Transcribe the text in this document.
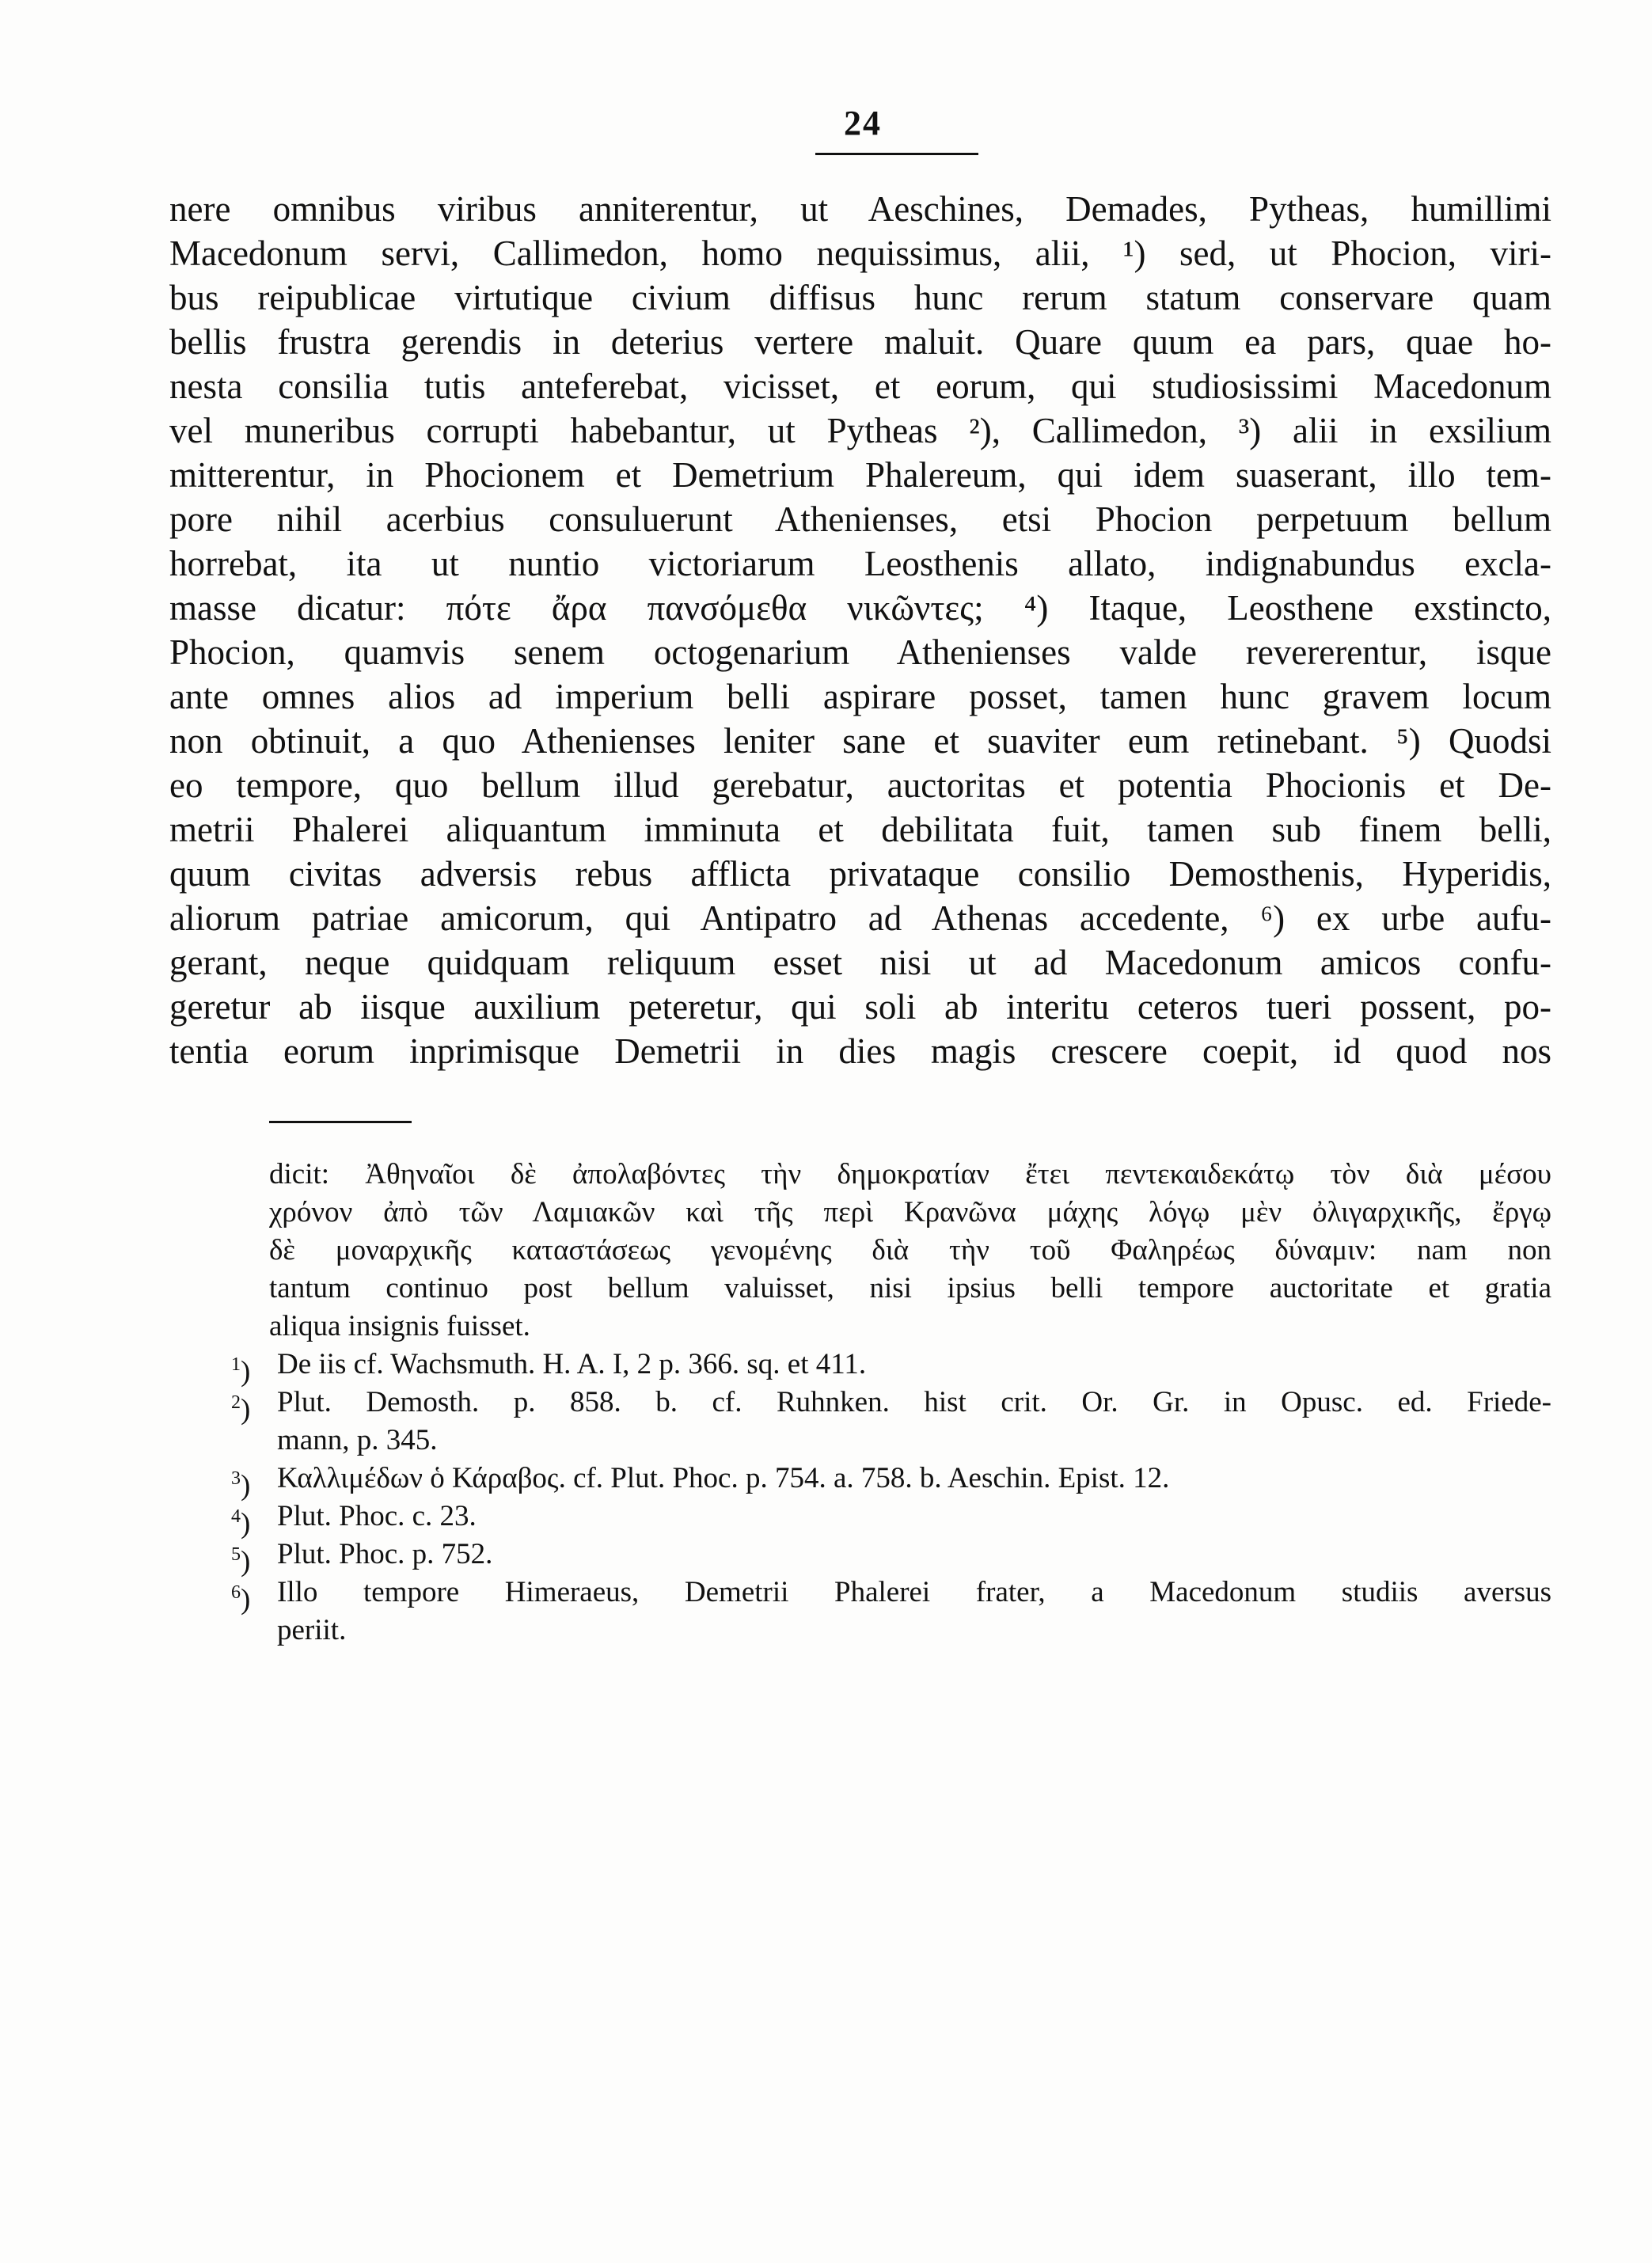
24
nere omnibus viribus anniterentur, ut Aeschines, Demades, Pytheas, humillimi
Macedonum servi, Callimedon, homo nequissimus, alii, ¹) sed, ut Phocion, viri-
bus reipublicae virtutique civium diffisus hunc rerum statum conservare quam
bellis frustra gerendis in deterius vertere maluit. Quare quum ea pars, quae ho-
nesta consilia tutis anteferebat, vicisset, et eorum, qui studiosissimi Macedonum
vel muneribus corrupti habebantur, ut Pytheas ²), Callimedon, ³) alii in exsilium
mitterentur, in Phocionem et Demetrium Phalereum, qui idem suaserant, illo tem-
pore nihil acerbius consuluerunt Athenienses, etsi Phocion perpetuum bellum
horrebat, ita ut nuntio victoriarum Leosthenis allato, indignabundus excla-
masse dicatur: πότε ἄρα πανσόμεθα νικῶντες; ⁴) Itaque, Leosthene exstincto,
Phocion, quamvis senem octogenarium Athenienses valde revererentur, isque
ante omnes alios ad imperium belli aspirare posset, tamen hunc gravem locum
non obtinuit, a quo Athenienses leniter sane et suaviter eum retinebant. ⁵) Quodsi
eo tempore, quo bellum illud gerebatur, auctoritas et potentia Phocionis et De-
metrii Phalerei aliquantum imminuta et debilitata fuit, tamen sub finem belli,
quum civitas adversis rebus afflicta privataque consilio Demosthenis, Hyperidis,
aliorum patriae amicorum, qui Antipatro ad Athenas accedente, ⁶) ex urbe aufu-
gerant, neque quidquam reliquum esset nisi ut ad Macedonum amicos confu-
geretur ab iisque auxilium peteretur, qui soli ab interitu ceteros tueri possent, po-
tentia eorum inprimisque Demetrii in dies magis crescere coepit, id quod nos
dicit: Ἀθηναῖοι δὲ ἀπολαβόντες τὴν δημοκρατίαν ἔτει πεντεκαιδεκάτῳ τὸν διὰ μέσου
χρόνον ἀπὸ τῶν Λαμιακῶν καὶ τῆς περὶ Κρανῶνα μάχης λόγῳ μὲν ὀλιγαρχικῆς, ἔργῳ
δὲ μοναρχικῆς καταστάσεως γενομένης διὰ τὴν τοῦ Φαληρέως δύναμιν: nam non
tantum continuo post bellum valuisset, nisi ipsius belli tempore auctoritate et gratia
aliqua insignis fuisset.
$^1$) De iis cf. Wachsmuth. H. A. I, 2 p. 366. sq. et 411.
$^2$) Plut. Demosth. p. 858. b. cf. Ruhnken. hist crit. Or. Gr. in Opusc. ed. Friede-
mann, p. 345.
$^3$) Καλλιμέδων ὁ Κάραβος. cf. Plut. Phoc. p. 754. a. 758. b. Aeschin. Epist. 12.
$^4$) Plut. Phoc. c. 23.
$^5$) Plut. Phoc. p. 752.
$^6$) Illo tempore Himeraeus, Demetrii Phalerei frater, a Macedonum studiis aversus
periit.
